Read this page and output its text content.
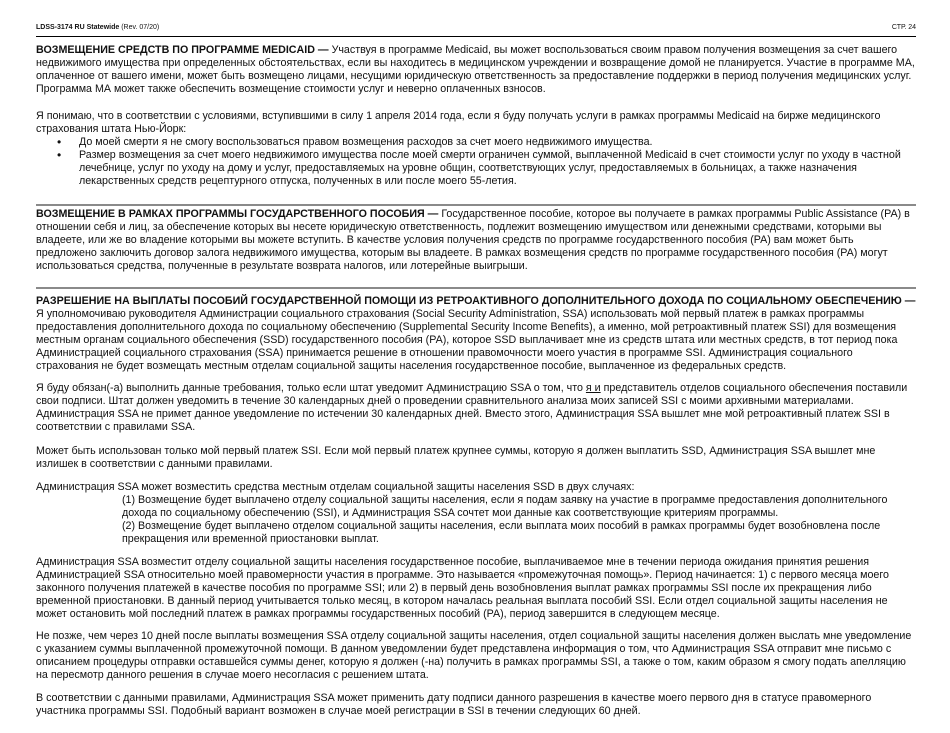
LDSS-3174 RU Statewide (Rev. 07/20)	СТР. 24

ВОЗМЕЩЕНИЕ СРЕДСТВ ПО ПРОГРАММЕ MEDICAID — Участвуя в программе Medicaid, вы может воспользоваться своим правом получения возмещения за счет вашего недвижимого имущества при определенных обстоятельствах, если вы находитесь в медицинском учреждении и возвращение домой не планируется. Участие в программе МА, оплаченное от вашего имени, может быть возмещено лицами, несущими юридическую ответственность за предоставление поддержки в период получения медицинских услуг. Программа МА может также обеспечить возмещение стоимости услуг и неверно оплаченных взносов.

Я понимаю, что в соответствии с условиями, вступившими в силу 1 апреля 2014 года, если я буду получать услуги в рамках программы Medicaid на бирже медицинского страхования штата Нью-Йорк:

• До моей смерти я не смогу воспользоваться правом возмещения расходов за счет моего недвижимого имущества.
• Размер возмещения за счет моего недвижимого имущества после моей смерти ограничен суммой, выплаченной Medicaid в счет стоимости услуг по уходу в частной лечебнице, услуг по уходу на дому и услуг, предоставляемых на уровне общин, соответствующих услуг, предоставляемых в больницах, а также назначения лекарственных средств рецептурного отпуска, полученных в или после моего 55-летия.

ВОЗМЕЩЕНИЕ В РАМКАХ ПРОГРАММЫ ГОСУДАРСТВЕННОГО ПОСОБИЯ — Государственное пособие, которое вы получаете в рамках программы Public Assistance (PA) в отношении себя и лиц, за обеспечение которых вы несете юридическую ответственность, подлежит возмещению имуществом или денежными средствами, которыми вы владеете, или же во владение которыми вы можете вступить. В качестве условия получения средств по программе государственного пособия (PA) вам может быть предложено заключить договор залога недвижимого имущества, которым вы владеете. В рамках возмещения средств по программе государственного пособия (PA) могут использоваться средства, полученные в результате возврата налогов, или лотерейные выигрыши.

РАЗРЕШЕНИЕ НА ВЫПЛАТЫ ПОСОБИЙ ГОСУДАРСТВЕННОЙ ПОМОЩИ ИЗ РЕТРОАКТИВНОГО ДОПОЛНИТЕЛЬНОГО ДОХОДА ПО СОЦИАЛЬНОМУ ОБЕСПЕЧЕНИЮ — Я уполномочиваю руководителя Администрации социального страхования (Social Security Administration, SSA) использовать мой первый платеж в рамках программы предоставления дополнительного дохода по социальному обеспечению (Supplemental Security Income Benefits), а именно, мой ретроактивный платеж SSI) для возмещения местным органам социального обеспечения (SSD) государственного пособия (PA), которое SSD выплачивает мне из средств штата или местных средств, в тот период пока Администрацией социального страхования (SSA) принимается решение в отношении правомочности моего участия в программе SSI. Администрация социального страхования не будет возмещать местным отделам социальной защиты населения государственное пособие, выплаченное из федеральных средств.

Я буду обязан(-а) выполнить данные требования, только если штат уведомит Администрацию SSA о том, что я и представитель отделов социального обеспечения поставили свои подписи. Штат должен уведомить в течение 30 календарных дней о проведении сравнительного анализа моих записей SSI с моими архивными материалами. Администрация SSA не примет данное уведомление по истечении 30 календарных дней. Вместо этого, Администрация SSA вышлет мне мой ретроактивный платеж SSI в соответствии с правилами SSA.

Может быть использован только мой первый платеж SSI. Если мой первый платеж крупнее суммы, которую я должен выплатить SSD, Администрация SSA вышлет мне излишек в соответствии с данными правилами.

Администрация SSA может возместить средства местным отделам социальной защиты населения SSD в двух случаях:

(1) Возмещение будет выплачено отделу социальной защиты населения, если я подам заявку на участие в программе предоставления дополнительного дохода по социальному обеспечению (SSI), и Администрация SSA сочтет мои данные как соответствующие критериям программы.

(2) Возмещение будет выплачено отделом социальной защиты населения, если выплата моих пособий в рамках программы будет возобновлена после прекращения или временной приостановки выплат.

Администрация SSA возместит отделу социальной защиты населения государственное пособие, выплачиваемое мне в течении периода ожидания принятия решения Администрацией SSA относительно моей правомерности участия в программе. Это называется «промежуточная помощь». Период начинается: 1) с первого месяца моего законного получения платежей в качестве пособия по программе SSI; или 2) в первый день возобновления выплат рамках программы SSI после их прекращения либо временной приостановки. В данный период учитывается только месяц, в котором началась реальная выплата пособий SSI. Если отдел социальной защиты населения не может остановить мой последний платеж в рамках программы государственных пособий (PA), период завершится в следующем месяце.

Не позже, чем через 10 дней после выплаты возмещения SSA отделу социальной защиты населения, отдел социальной защиты населения должен выслать мне уведомление с указанием суммы выплаченной промежуточной помощи. В данном уведомлении будет представлена информация о том, что Администрация SSA отправит мне письмо с описанием процедуры отправки оставшейся суммы денег, которую я должен (-на) получить в рамках программы SSI, а также о том, каким образом я смогу подать апелляцию на пересмотр данного решения в случае моего несогласия с решением штата.

В соответствии с данными правилами, Администрация SSA может применить дату подписи данного разрешения в качестве моего первого дня в статусе правомерного участника программы SSI. Подобный вариант возможен в случае моей регистрации в SSI в течении следующих 60 дней.
